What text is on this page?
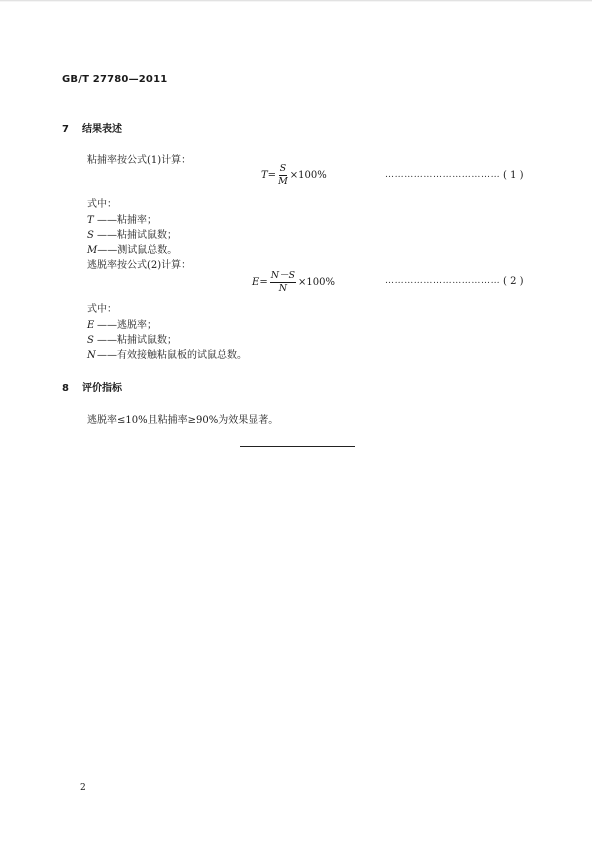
GB/T 27780—2011
7 结果表述
粘捕率按公式(1)计算：
$T = \frac{S}{M} \times 100\%$	……………………………… ( 1 )
式中：
T ——粘捕率；
S ——粘捕试鼠数；
M——测试鼠总数。
逃脱率按公式(2)计算：
$E = \frac{N-S}{N} \times 100\%$	……………………………… ( 2 )
式中：
E ——逃脱率；
S ——粘捕试鼠数；
N——有效接触粘鼠板的试鼠总数。
8 评价指标
逃脱率≤10%且粘捕率≥90%为效果显著。
2
